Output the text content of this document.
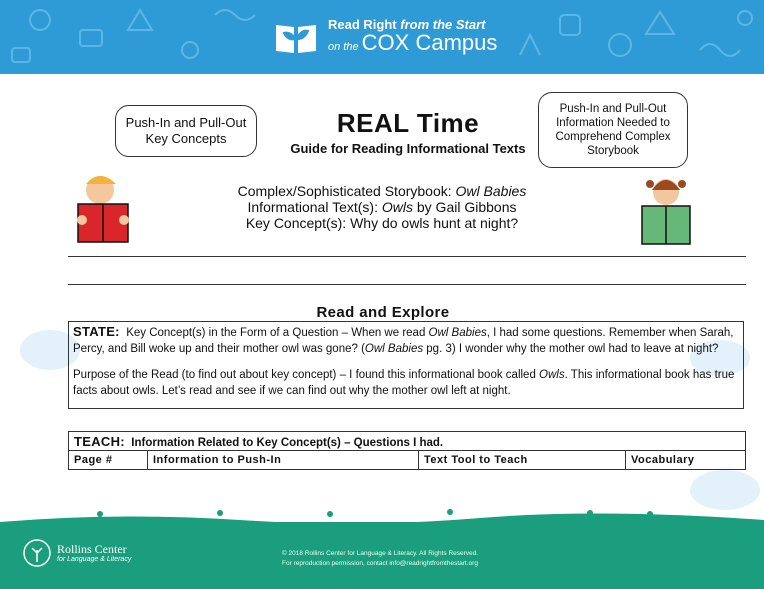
Read Right from the Start
on the COX Campus
Push-In and Pull-Out Key Concepts
Push-In and Pull-Out Information Needed to Comprehend Complex Storybook
REAL Time
Guide for Reading Informational Texts
Complex/Sophisticated Storybook: Owl Babies
Informational Text(s): Owls by Gail Gibbons
Key Concept(s): Why do owls hunt at night?
Read and Explore

STATE: Key Concept(s) in the Form of a Question – When we read Owl Babies, I had some questions. Remember when Sarah, Percy, and Bill woke up and their mother owl was gone? (Owl Babies pg. 3) I wonder why the mother owl had to leave at night?

Purpose of the Read (to find out about key concept) – I found this informational book called Owls. This informational book has true facts about owls. Let’s read and see if we can find out why the mother owl left at night.

TEACH: Information Related to Key Concept(s) – Questions I had.
Page #	Information to Push-In	Text Tool to Teach	Vocabulary
Rollins Center
for Language & Literacy
© 2018 Rollins Center for Language & Literacy. All Rights Reserved.
For reproduction permission, contact info@readrightfromthestart.org
